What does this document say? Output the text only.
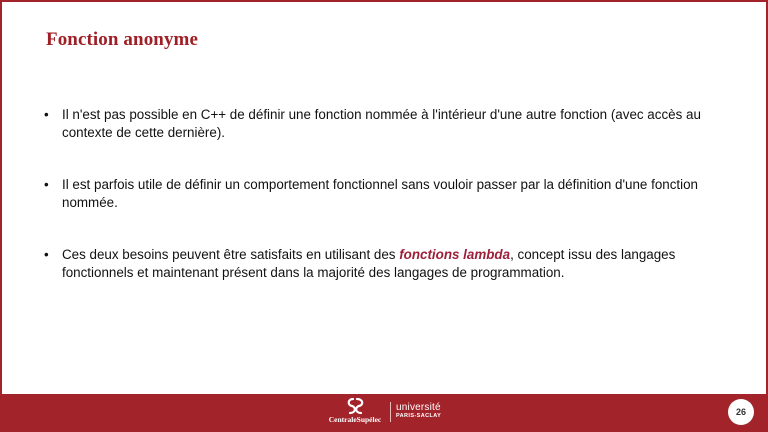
Fonction anonyme
• Il n'est pas possible en C++ de définir une fonction nommée à l'intérieur d'une autre fonction (avec accès au contexte de cette dernière).
• Il est parfois utile de définir un comportement fonctionnel sans vouloir passer par la définition d'une fonction nommée.
• Ces deux besoins peuvent être satisfaits en utilisant des fonctions lambda, concept issu des langages fonctionnels et maintenant présent dans la majorité des langages de programmation.
CentraleSupélec
université
PARIS-SACLAY	26
